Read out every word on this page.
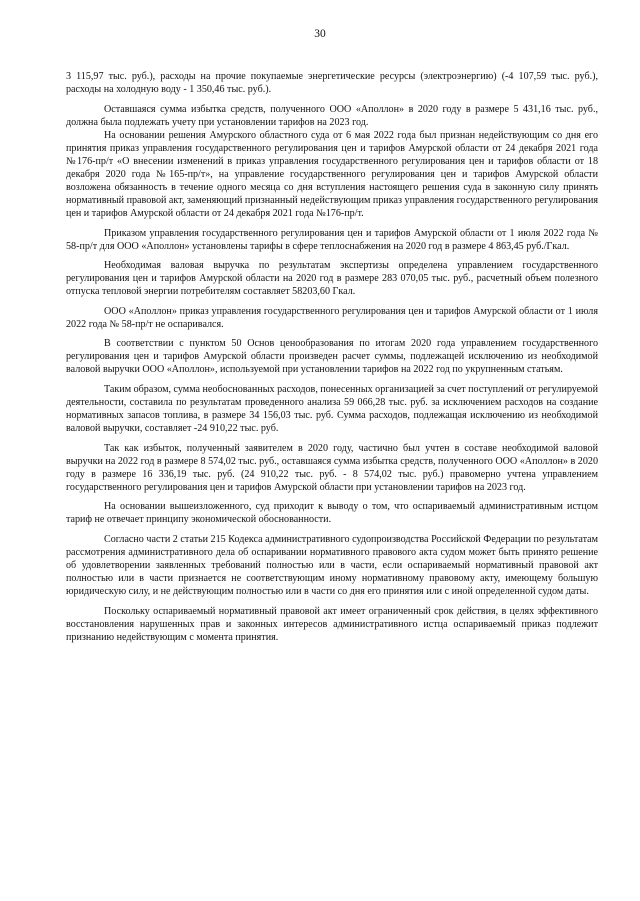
30

3 115,97 тыс. руб.), расходы на прочие покупаемые энергетические ресурсы (электроэнергию) (-4 107,59 тыс. руб.), расходы на холодную воду - 1 350,46 тыс. руб.).

Оставшаяся сумма избытка средств, полученного ООО «Аполлон» в 2020 году в размере 5 431,16 тыс. руб., должна была подлежать учету при установлении тарифов на 2023 год.

На основании решения Амурского областного суда от 6 мая 2022 года был признан недействующим со дня его принятия приказ управления государственного регулирования цен и тарифов Амурской области от 24 декабря 2021 года №176-пр/т «О внесении изменений в приказ управления государственного регулирования цен и тарифов области от 18 декабря 2020 года №165-пр/т», на управление государственного регулирования цен и тарифов Амурской области возложена обязанность в течение одного месяца со дня вступления настоящего решения суда в законную силу принять нормативный правовой акт, заменяющий признанный недействующим приказ управления государственного регулирования цен и тарифов Амурской области от 24 декабря 2021 года №176-пр/т.

Приказом управления государственного регулирования цен и тарифов Амурской области от 1 июля 2022 года № 58-пр/т для ООО «Аполлон» установлены тарифы в сфере теплоснабжения на 2020 год в размере 4 863,45 руб./Гкал.

Необходимая валовая выручка по результатам экспертизы определена управлением государственного регулирования цен и тарифов Амурской области на 2020 год в размере 283 070,05 тыс. руб., расчетный объем полезного отпуска тепловой энергии потребителям составляет 58203,60 Гкал.

ООО «Аполлон» приказ управления государственного регулирования цен и тарифов Амурской области от 1 июля 2022 года № 58-пр/т не оспаривался.

В соответствии с пунктом 50 Основ ценообразования по итогам 2020 года управлением государственного регулирования цен и тарифов Амурской области произведен расчет суммы, подлежащей исключению из необходимой валовой выручки ООО «Аполлон», используемой при установлении тарифов на 2022 год по укрупненным статьям.

Таким образом, сумма необоснованных расходов, понесенных организацией за счет поступлений от регулируемой деятельности, составила по результатам проведенного анализа 59 066,28 тыс. руб. за исключением расходов на создание нормативных запасов топлива, в размере 34 156,03 тыс. руб. Сумма расходов, подлежащая исключению из необходимой валовой выручки, составляет -24 910,22 тыс. руб.

Так как избыток, полученный заявителем в 2020 году, частично был учтен в составе необходимой валовой выручки на 2022 год в размере 8 574,02 тыс. руб., оставшаяся сумма избытка средств, полученного ООО «Аполлон» в 2020 году в размере 16 336,19 тыс. руб. (24 910,22 тыс. руб. - 8 574,02 тыс. руб.) правомерно учтена управлением государственного регулирования цен и тарифов Амурской области при установлении тарифов на 2023 год.

На основании вышеизложенного, суд приходит к выводу о том, что оспариваемый административным истцом тариф не отвечает принципу экономической обоснованности.

Согласно части 2 статьи 215 Кодекса административного судопроизводства Российской Федерации по результатам рассмотрения административного дела об оспаривании нормативного правового акта судом может быть принято решение об удовлетворении заявленных требований полностью или в части, если оспариваемый нормативный правовой акт полностью или в части признается не соответствующим иному нормативному правовому акту, имеющему большую юридическую силу, и не действующим полностью или в части со дня его принятия или с иной определенной судом даты.

Поскольку оспариваемый нормативный правовой акт имеет ограниченный срок действия, в целях эффективного восстановления нарушенных прав и законных интересов административного истца оспариваемый приказ подлежит признанию недействующим с момента принятия.
